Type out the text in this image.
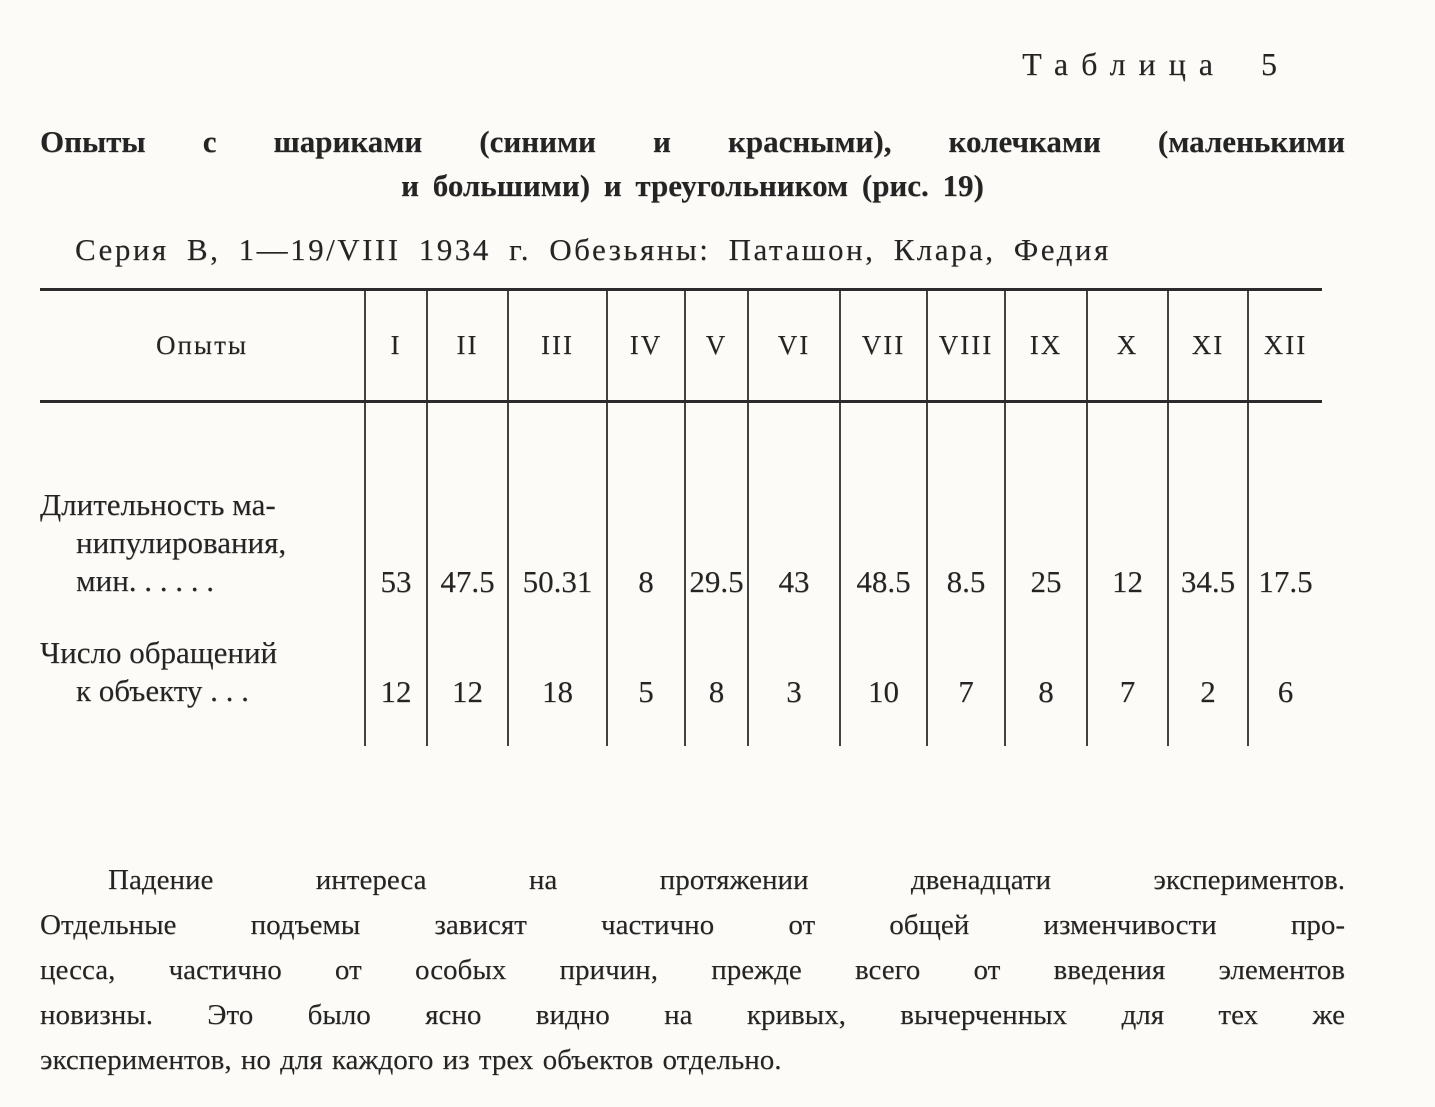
Таблица 5
Опыты с шариками (синими и красными), колечками (маленькими
и большими) и треугольником (рис. 19)
Серия В, 1—19/VIII 1934 г. Обезьяны: Паташон, Клара, Федия
Опыты	I	II	III	IV	V	VI	VII	VIII	IX	X	XI	XII

Длительность ма-
нипулирования,
мин. . . . . .	53	47.5	50.31	8	29.5	43	48.5	8.5	25	12	34.5	17.5

Число обращений
к объекту . . .	12	12	18	5	8	3	10	7	8	7	2	6
Падение интереса на протяжении двенадцати экспериментов.
Отдельные подъемы зависят частично от общей изменчивости про-
цесса, частично от особых причин, прежде всего от введения элементов
новизны. Это было ясно видно на кривых, вычерченных для тех же
экспериментов, но для каждого из трех объектов отдельно.
